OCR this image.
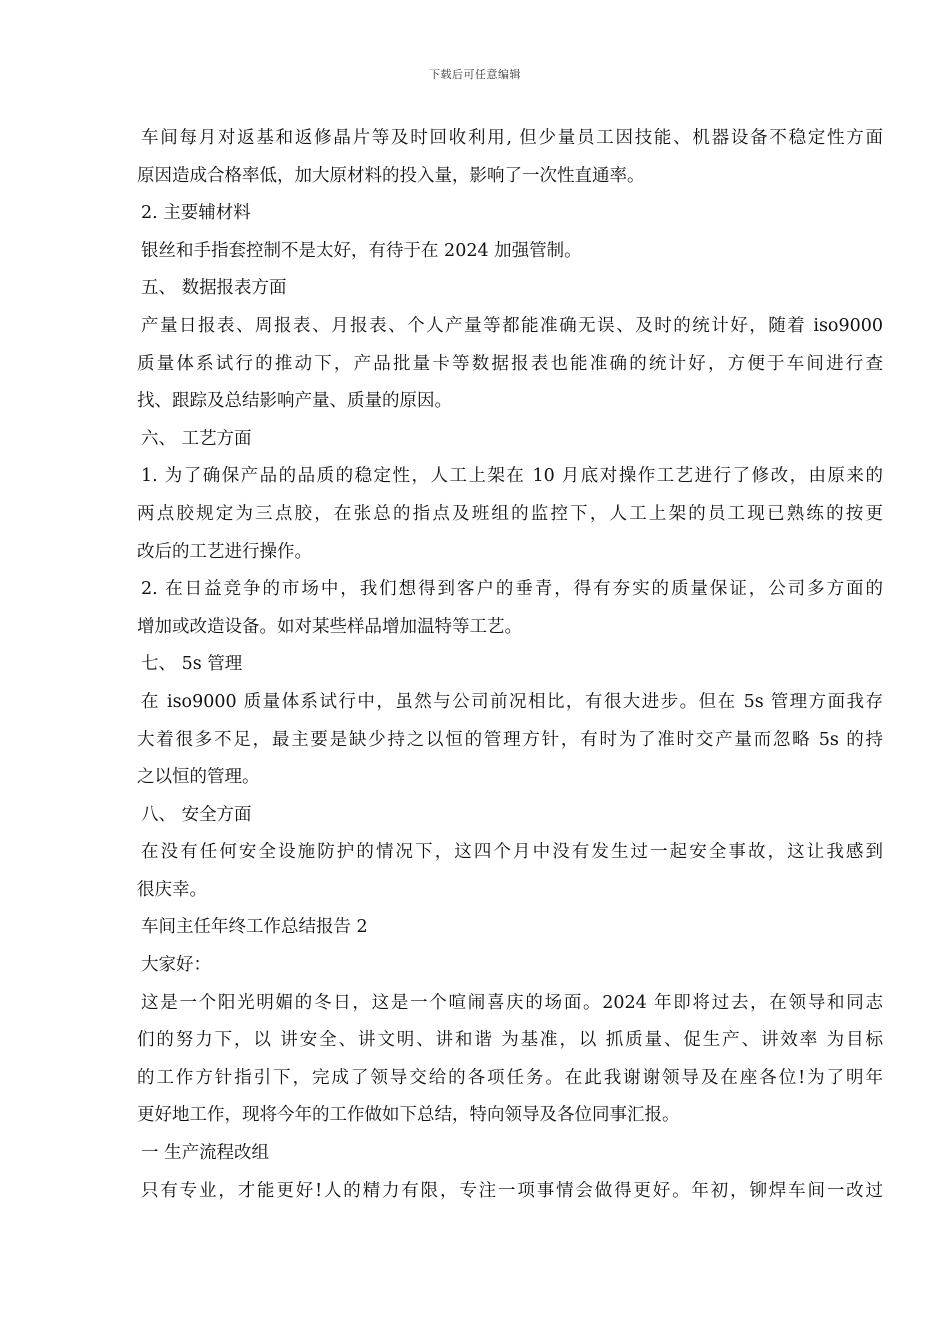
下载后可任意编辑
车间每月对返基和返修晶片等及时回收利用, 但少量员工因技能、机器设备不稳定性方面
原因造成合格率低，加大原材料的投入量，影响了一次性直通率。
2. 主要辅材料
银丝和手指套控制不是太好，有待于在 2024 加强管制。
五、 数据报表方面
产量日报表、周报表、月报表、个人产量等都能准确无误、及时的统计好，随着 iso9000
质量体系试行的推动下，产品批量卡等数据报表也能准确的统计好，方便于车间进行查
找、跟踪及总结影响产量、质量的原因。
六、 工艺方面
1. 为了确保产品的品质的稳定性，人工上架在 10 月底对操作工艺进行了修改，由原来的
两点胶规定为三点胶，在张总的指点及班组的监控下，人工上架的员工现已熟练的按更
改后的工艺进行操作。
2. 在日益竞争的市场中，我们想得到客户的垂青，得有夯实的质量保证，公司多方面的
增加或改造设备。如对某些样品增加温特等工艺。
七、 5s 管理
在 iso9000 质量体系试行中，虽然与公司前况相比，有很大进步。但在 5s 管理方面我存
大着很多不足，最主要是缺少持之以恒的管理方针，有时为了准时交产量而忽略 5s 的持
之以恒的管理。
八、 安全方面
在没有任何安全设施防护的情况下，这四个月中没有发生过一起安全事故，这让我感到
很庆幸。
车间主任年终工作总结报告 2
大家好：
这是一个阳光明媚的冬日，这是一个喧闹喜庆的场面。2024 年即将过去，在领导和同志
们的努力下，以 讲安全、讲文明、讲和谐 为基准，以 抓质量、促生产、讲效率 为目标
的工作方针指引下，完成了领导交给的各项任务。在此我谢谢领导及在座各位!为了明年
更好地工作，现将今年的工作做如下总结，特向领导及各位同事汇报。
一 生产流程改组
只有专业，才能更好!人的精力有限，专注一项事情会做得更好。年初，铆焊车间一改过
